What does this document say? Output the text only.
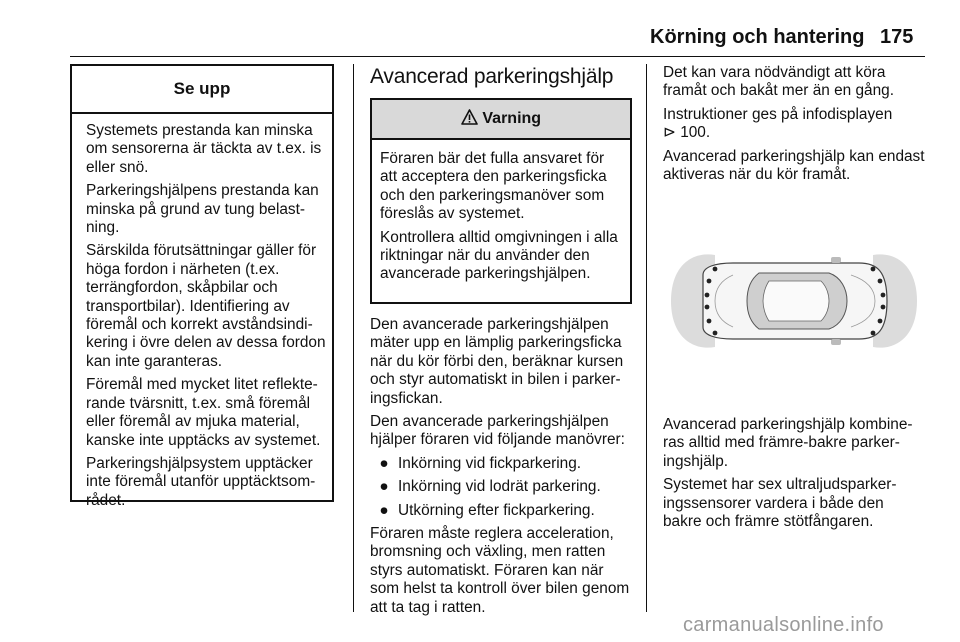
Körning och hantering 175
Se upp

Systemets prestanda kan minska om sensorerna är täckta av t.ex. is eller snö.

Parkeringshjälpens prestanda kan minska på grund av tung belastning.

Särskilda förutsättningar gäller för höga fordon i närheten (t.ex. terrängfordon, skåpbilar och transportbilar). Identifiering av föremål och korrekt avståndsindikering i övre delen av dessa fordon kan inte garanteras.

Föremål med mycket litet reflekterande tvärsnitt, t.ex. små föremål eller föremål av mjuka material, kanske inte upptäcks av systemet.

Parkeringshjälpsystem upptäcker inte föremål utanför upptäcktsområdet.

Avancerad parkeringshjälp
Varning

Föraren bär det fulla ansvaret för att acceptera den parkeringsficka och den parkeringsmanöver som föreslås av systemet.

Kontrollera alltid omgivningen i alla riktningar när du använder den avancerade parkeringshjälpen.

Den avancerade parkeringshjälpen mäter upp en lämplig parkeringsficka när du kör förbi den, beräknar kursen och styr automatiskt in bilen i parkeringsfickan.

Den avancerade parkeringshjälpen hjälper föraren vid följande manövrer:

● Inkörning vid fickparkering.
● Inkörning vid lodrät parkering.
● Utkörning efter fickparkering.

Föraren måste reglera acceleration, bromsning och växling, men ratten styrs automatiskt. Föraren kan när som helst ta kontroll över bilen genom att ta tag i ratten.

Det kan vara nödvändigt att köra framåt och bakåt mer än en gång.

Instruktioner ges på infodisplayen
⊳ 100.

Avancerad parkeringshjälp kan endast aktiveras när du kör framåt.

Avancerad parkeringshjälp kombineras alltid med främre-bakre parkeringshjälp.

Systemet har sex ultraljudsparkeringssensorer vardera i både den bakre och främre stötfångaren.

carmanualsonline.info
